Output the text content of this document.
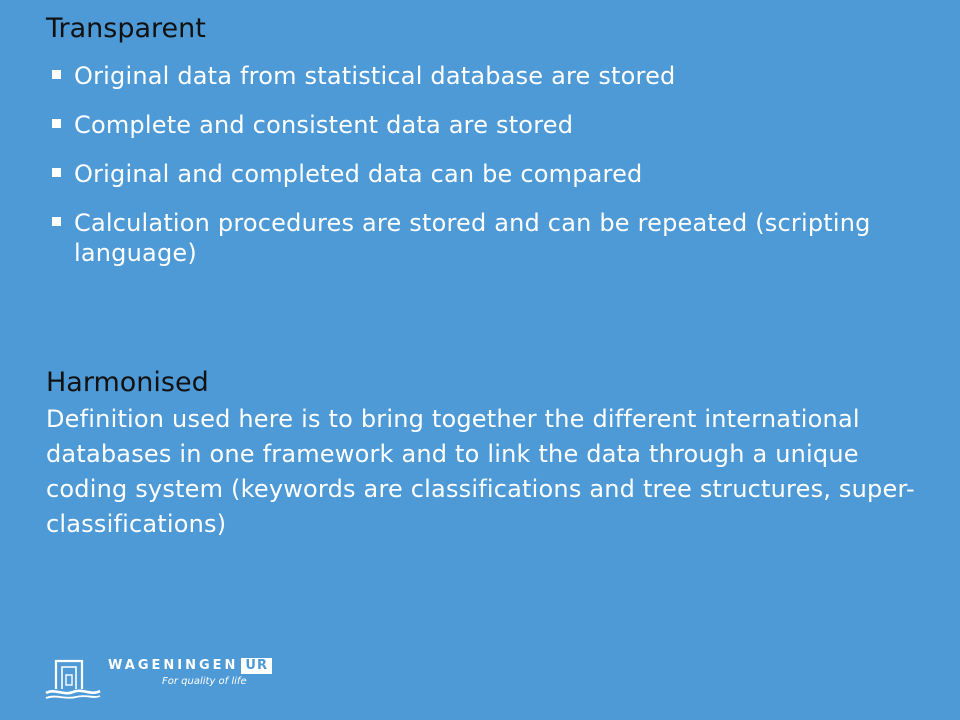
Transparent
Original data from statistical database are stored
Complete and consistent data are stored
Original and completed data can be compared
Calculation procedures are stored and can be repeated (scripting language)
Harmonised

Definition used here is to bring together the different international databases in one framework and to link the data through a unique coding system (keywords are classifications and tree structures, super-classifications)

WAGENINGEN UR
For quality of life
